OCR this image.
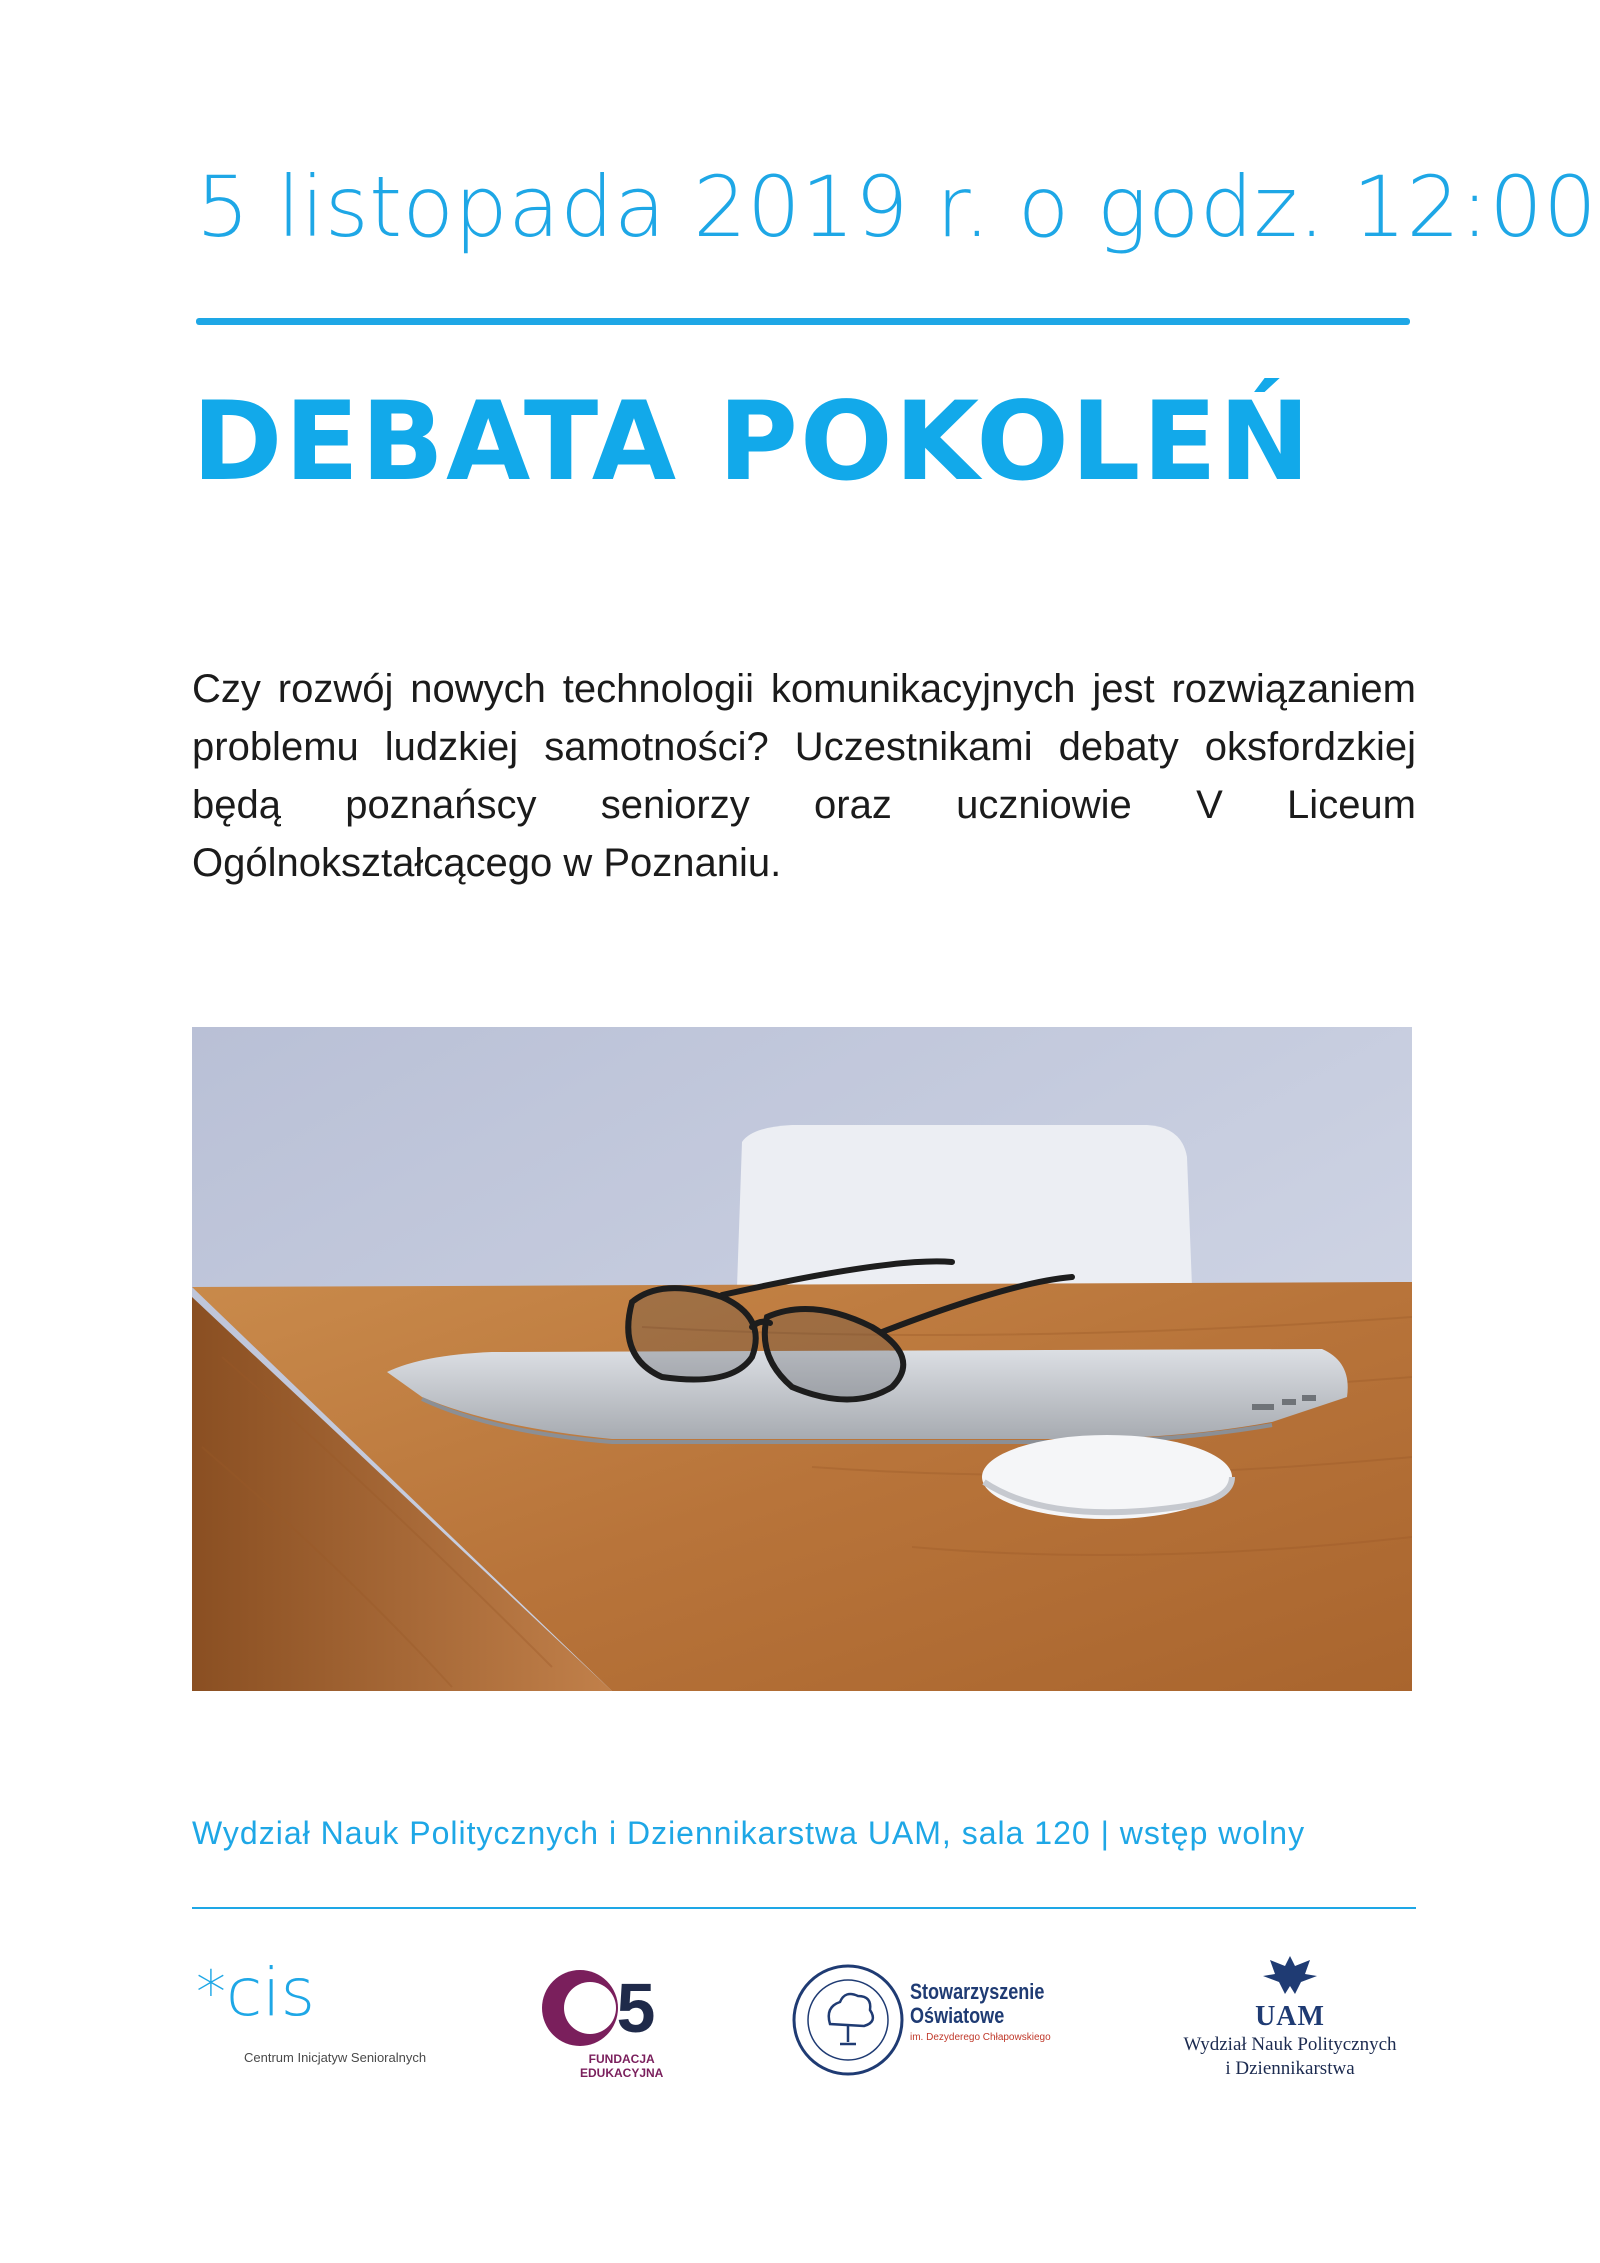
5 listopada 2019 r. o godz. 12:00
DEBATA POKOLEŃ
Czy rozwój nowych technologii komunikacyjnych jest rozwiązaniem problemu ludzkiej samotności? Uczestnikami debaty oksfordzkiej będą poznańscy seniorzy oraz uczniowie V Liceum Ogólnokształcącego w Poznaniu.
Wydział Nauk Politycznych i Dziennikarstwa UAM, sala 120 | wstęp wolny
*cis
Centrum Inicjatyw Senioralnych
5
FUNDACJA
EDUKACYJNA
Stowarzyszenie
Oświatowe
im. Dezyderego Chłapowskiego
UAM
Wydział Nauk Politycznych
i Dziennikarstwa
